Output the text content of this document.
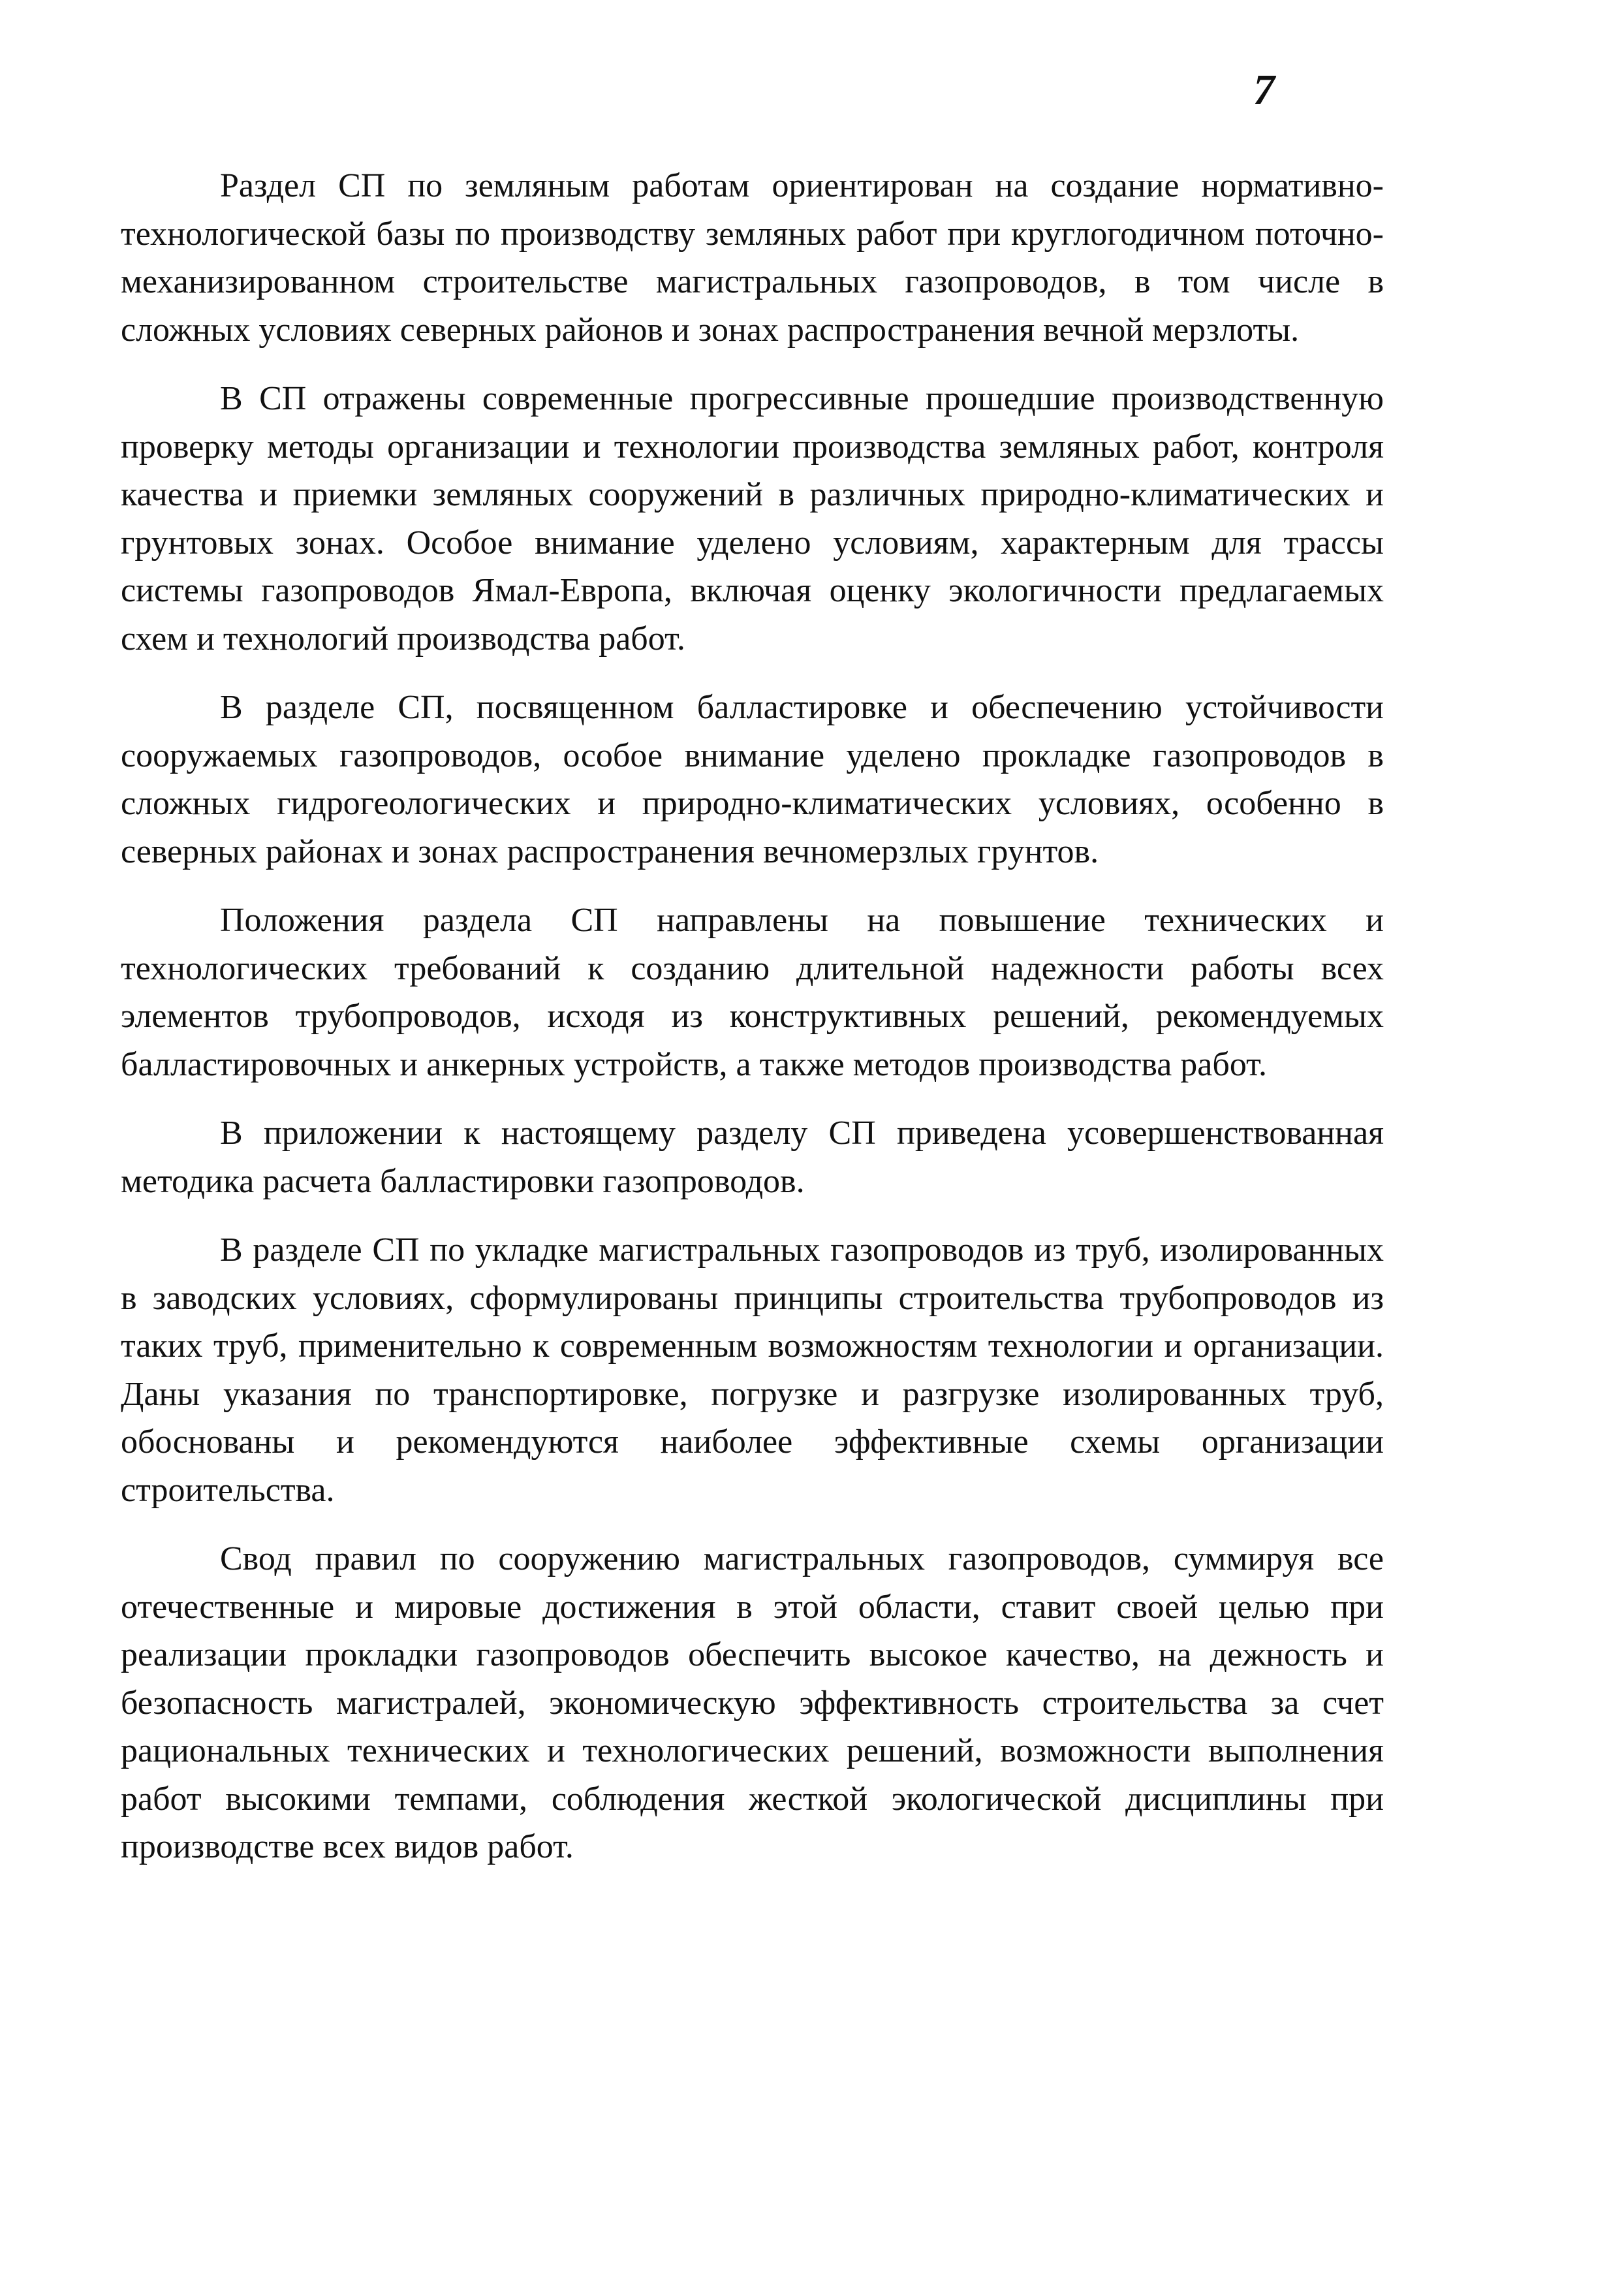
7

Раздел СП по земляным работам ориентирован на создание нормативно-технологической базы по производству земляных работ при круглогодичном поточно-механизированном строительстве магистральных газопроводов, в том числе в сложных условиях северных районов и зонах распространения вечной мерзлоты.

В СП отражены современные прогрессивные прошедшие производственную проверку методы организации и технологии производства земляных работ, контроля качества и приемки земляных сооружений в различных природно-климатических и грунтовых зонах. Особое внимание уделено условиям, характерным для трассы системы газопроводов Ямал-Европа, включая оценку экологичности предлагаемых схем и технологий производства работ.

В разделе СП, посвященном балластировке и обеспечению устойчивости сооружаемых газопроводов, особое внимание уделено прокладке газопроводов в сложных гидрогеологических и природно-климатических условиях, особенно в северных районах и зонах распространения вечномерзлых грунтов.

Положения раздела СП направлены на повышение технических и технологических требований к созданию длительной надежности работы всех элементов трубопроводов, исходя из конструктивных решений, рекомендуемых балластировочных и анкерных устройств, а также методов производства работ.

В приложении к настоящему разделу СП приведена усовершенствованная методика расчета балластировки газопроводов.

В разделе СП по укладке магистральных газопроводов из труб, изолированных в заводских условиях, сформулированы принципы строительства трубопроводов из таких труб, применительно к современным возможностям технологии и организации. Даны указания по транспортировке, погрузке и разгрузке изолированных труб, обоснованы и рекомендуются наиболее эффективные схемы организации строительства.

Свод правил по сооружению магистральных газопроводов, суммируя все отечественные и мировые достижения в этой области, ставит своей целью при реализации прокладки газопроводов обеспечить высокое качество, на дежность и безопасность магистралей, экономическую эффективность строительства за счет рациональных технических и технологических решений, возможности выполнения работ высокими темпами, соблюдения жесткой экологической дисциплины при производстве всех видов работ.
